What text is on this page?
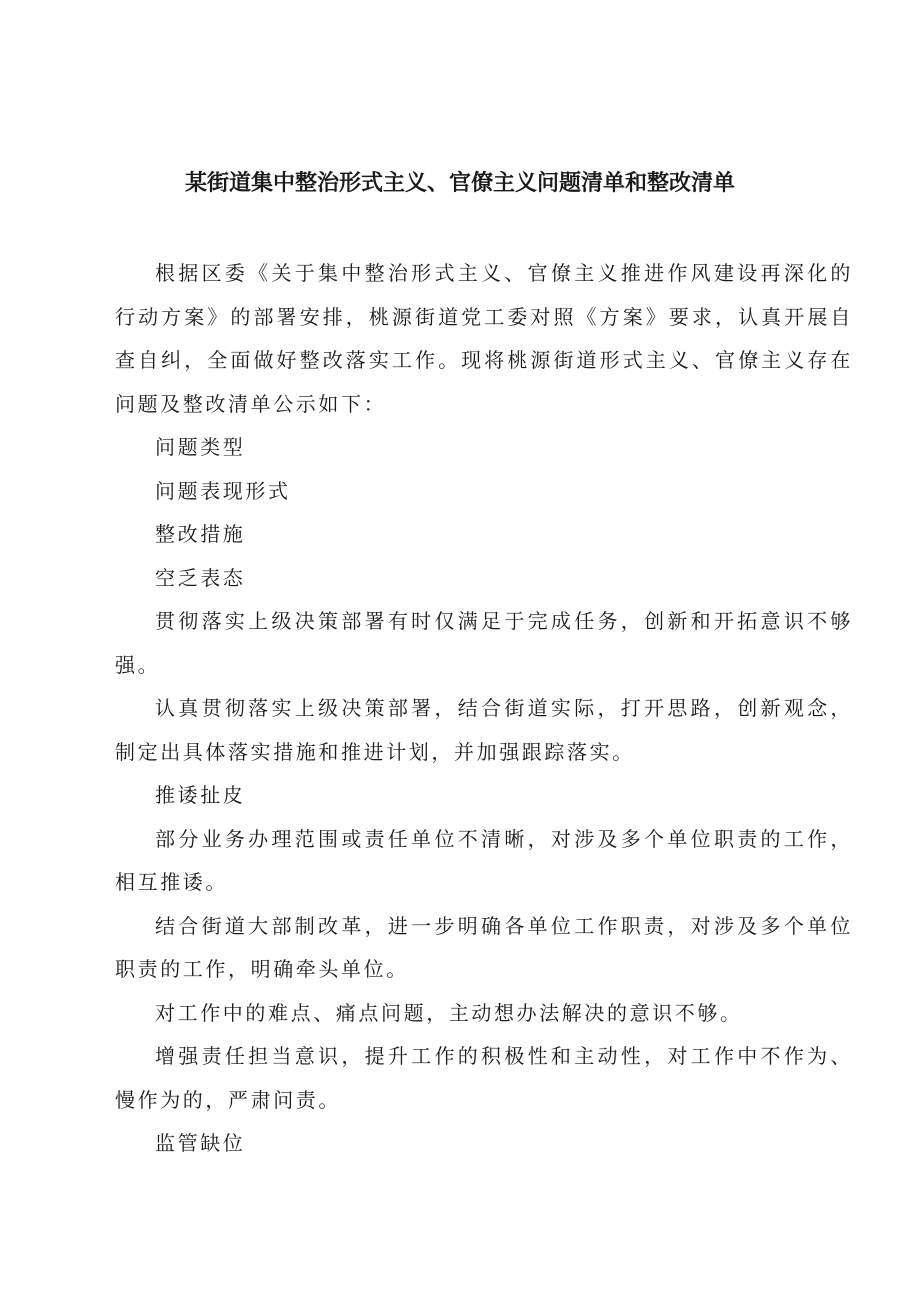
某街道集中整治形式主义、官僚主义问题清单和整改清单

根据区委《关于集中整治形式主义、官僚主义推进作风建设再深化的行动方案》的部署安排，桃源街道党工委对照《方案》要求，认真开展自查自纠，全面做好整改落实工作。现将桃源街道形式主义、官僚主义存在问题及整改清单公示如下：

问题类型

问题表现形式

整改措施

空乏表态

贯彻落实上级决策部署有时仅满足于完成任务，创新和开拓意识不够强。

认真贯彻落实上级决策部署，结合街道实际，打开思路，创新观念，制定出具体落实措施和推进计划，并加强跟踪落实。

推诿扯皮

部分业务办理范围或责任单位不清晰，对涉及多个单位职责的工作，相互推诿。

结合街道大部制改革，进一步明确各单位工作职责，对涉及多个单位职责的工作，明确牵头单位。

对工作中的难点、痛点问题，主动想办法解决的意识不够。

增强责任担当意识，提升工作的积极性和主动性，对工作中不作为、慢作为的，严肃问责。

监管缺位
